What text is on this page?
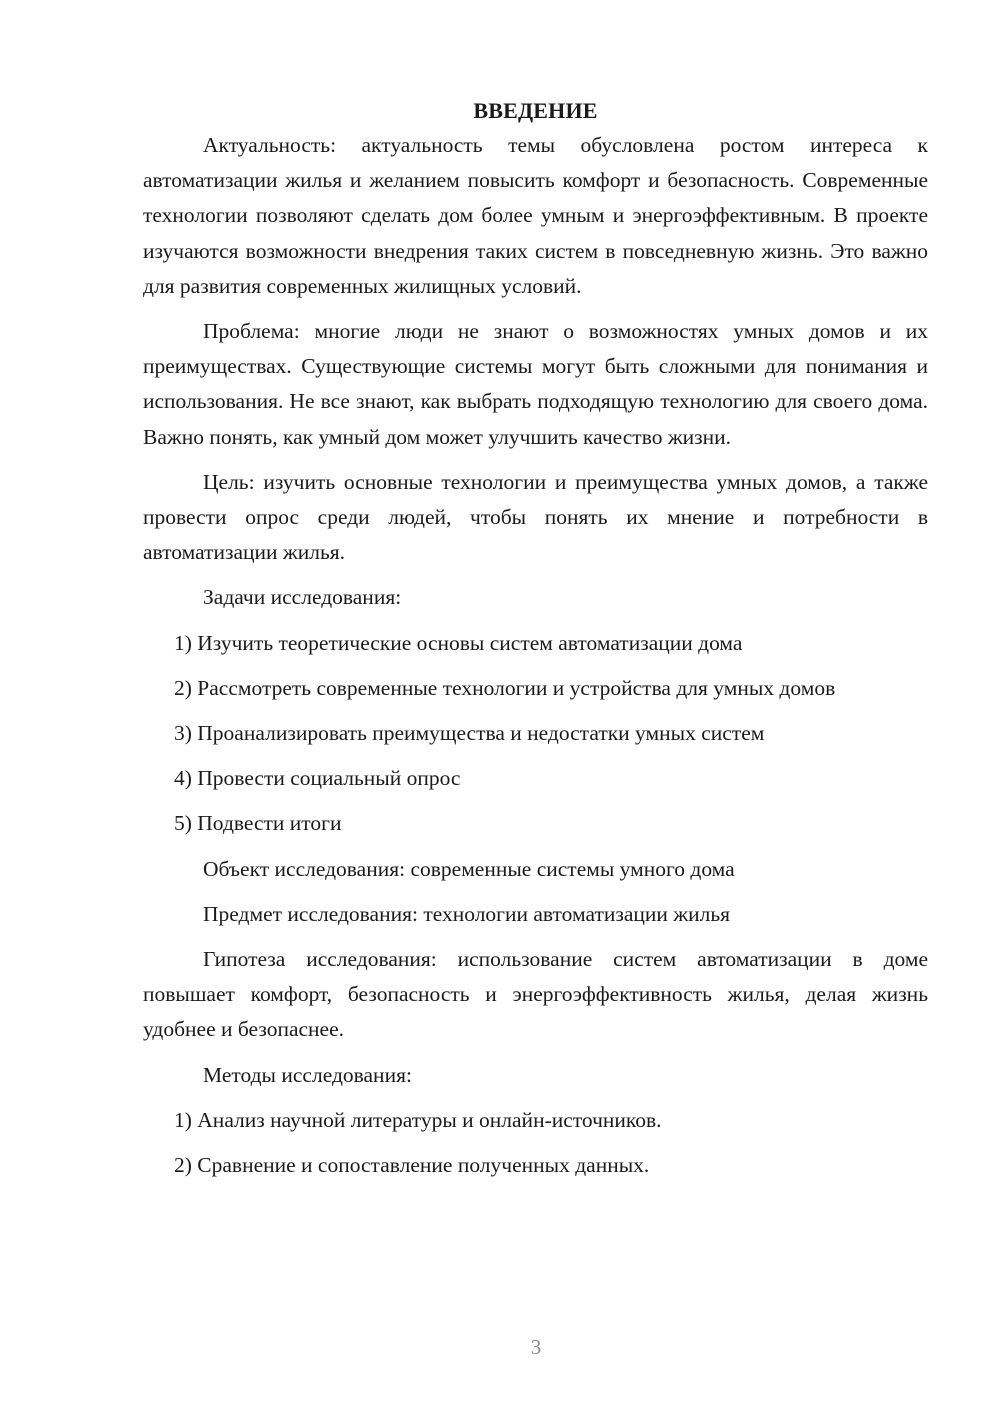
ВВЕДЕНИЕ

Актуальность: актуальность темы обусловлена ростом интереса к автоматизации жилья и желанием повысить комфорт и безопасность. Современные технологии позволяют сделать дом более умным и энергоэффективным. В проекте изучаются возможности внедрения таких систем в повседневную жизнь. Это важно для развития современных жилищных условий.

Проблема: многие люди не знают о возможностях умных домов и их преимуществах. Существующие системы могут быть сложными для понимания и использования. Не все знают, как выбрать подходящую технологию для своего дома. Важно понять, как умный дом может улучшить качество жизни.

Цель: изучить основные технологии и преимущества умных домов, а также провести опрос среди людей, чтобы понять их мнение и потребности в автоматизации жилья.

Задачи исследования:

1) Изучить теоретические основы систем автоматизации дома

2) Рассмотреть современные технологии и устройства для умных домов

3) Проанализировать преимущества и недостатки умных систем

4) Провести социальный опрос

5) Подвести итоги

Объект исследования: современные системы умного дома

Предмет исследования: технологии автоматизации жилья

Гипотеза исследования: использование систем автоматизации в доме повышает комфорт, безопасность и энергоэффективность жилья, делая жизнь удобнее и безопаснее.

Методы исследования:

1) Анализ научной литературы и онлайн-источников.

2) Сравнение и сопоставление полученных данных.

3
